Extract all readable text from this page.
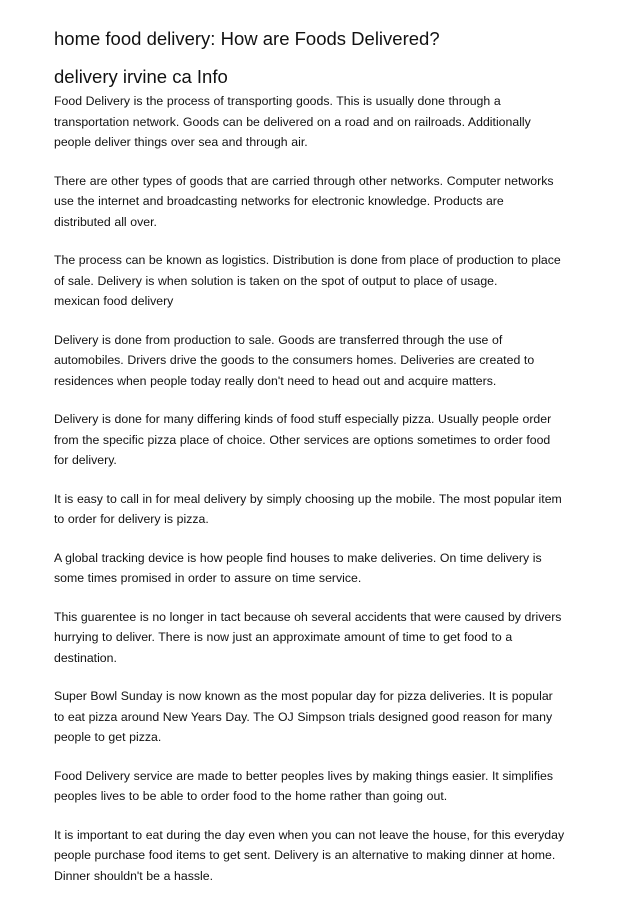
home food delivery: How are Foods Delivered?
delivery irvine ca Info

Food Delivery is the process of transporting goods. This is usually done through a
transportation network. Goods can be delivered on a road and on railroads. Additionally
people deliver things over sea and through air.

There are other types of goods that are carried through other networks. Computer networks
use the internet and broadcasting networks for electronic knowledge. Products are
distributed all over.

The process can be known as logistics. Distribution is done from place of production to place
of sale. Delivery is when solution is taken on the spot of output to place of usage.
mexican food delivery

Delivery is done from production to sale. Goods are transferred through the use of
automobiles. Drivers drive the goods to the consumers homes. Deliveries are created to
residences when people today really don't need to head out and acquire matters.

Delivery is done for many differing kinds of food stuff especially pizza. Usually people order
from the specific pizza place of choice. Other services are options sometimes to order food
for delivery.

It is easy to call in for meal delivery by simply choosing up the mobile. The most popular item
to order for delivery is pizza.

A global tracking device is how people find houses to make deliveries. On time delivery is
some times promised in order to assure on time service.

This guarentee is no longer in tact because oh several accidents that were caused by drivers
hurrying to deliver. There is now just an approximate amount of time to get food to a
destination.

Super Bowl Sunday is now known as the most popular day for pizza deliveries. It is popular
to eat pizza around New Years Day. The OJ Simpson trials designed good reason for many
people to get pizza.

Food Delivery service are made to better peoples lives by making things easier. It simplifies
peoples lives to be able to order food to the home rather than going out.

It is important to eat during the day even when you can not leave the house, for this everyday
people purchase food items to get sent. Delivery is an alternative to making dinner at home.
Dinner shouldn't be a hassle.
